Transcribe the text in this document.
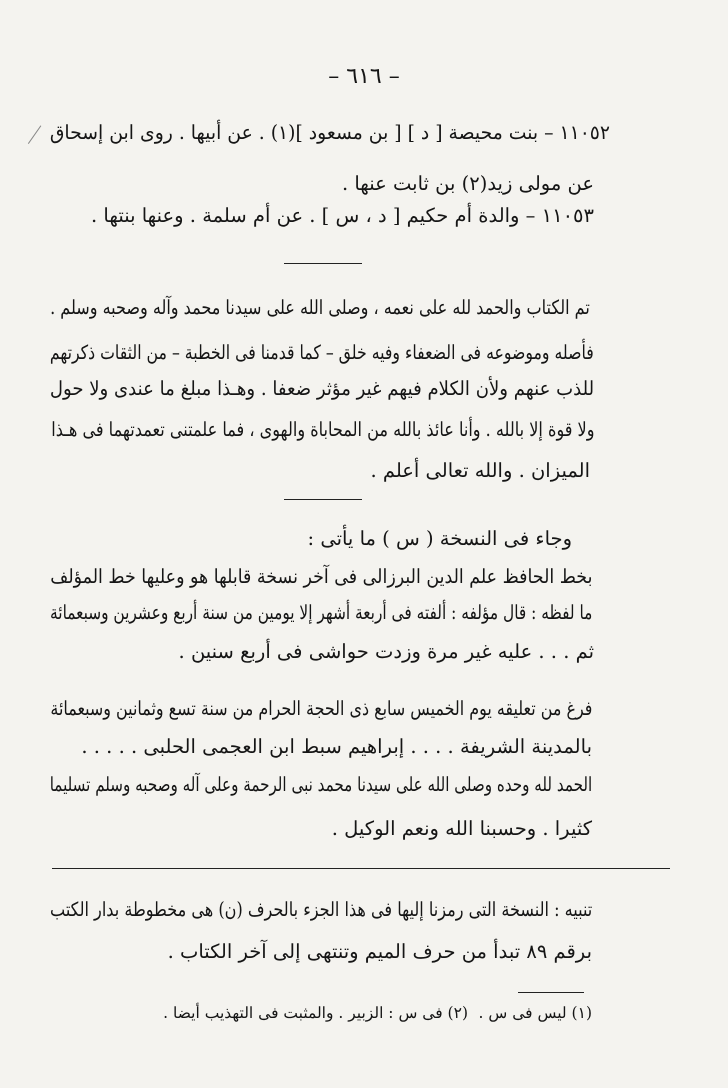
– ٦١٦ –
١١٠٥٢ – بنت محيصة [ د ] [ بن مسعود ](١) . عن أبيها . روى ابن إسحاق
عن مولى زيد(٢) بن ثابت عنها .
١١٠٥٣ – والدة أم حكيم [ د ، س ] . عن أم سلمة . وعنها بنتها .
تم الكتاب والحمد لله على نعمه ، وصلى الله على سيدنا محمد وآله وصحبه وسلم .
فأصله وموضوعه فى الضعفاء وفيه خلق – كما قدمنا فى الخطبة – من الثقات ذكرتهم
للذب عنهم ولأن الكلام فيهم غير مؤثر ضعفا . وهـذا مبلغ ما عندى ولا حول
ولا قوة إلا بالله . وأنا عائذ بالله من المحاباة والهوى ، فما علمتنى تعمدتهما فى هـذا
الميزان . والله تعالى أعلم .
وجاء فى النسخة ( س ) ما يأتى :
بخط الحافظ علم الدين البرزالى فى آخر نسخة قابلها هو وعليها خط المؤلف
ما لفظه : قال مؤلفه : ألفته فى أربعة أشهر إلا يومين من سنة أربع وعشرين وسبعمائة
ثم . . . عليه غير مرة وزدت حواشى فى أربع سنين .
فرغ من تعليقه يوم الخميس سابع ذى الحجة الحرام من سنة تسع وثمانين وسبعمائة
بالمدينة الشريفة . . . . إبراهيم سبط ابن العجمى الحلبى . . . . .
الحمد لله وحده وصلى الله على سيدنا محمد نبى الرحمة وعلى آله وصحبه وسلم تسليما
كثيرا . وحسبنا الله ونعم الوكيل .
تنبيه : النسخة التى رمزنا إليها فى هذا الجزء بالحرف (ن) هى مخطوطة بدار الكتب
برقم ٨٩ تبدأ من حرف الميم وتنتهى إلى آخر الكتاب .
(١) ليس فى س .
(٢) فى س : الزبير . والمثبت فى التهذيب أيضا .
